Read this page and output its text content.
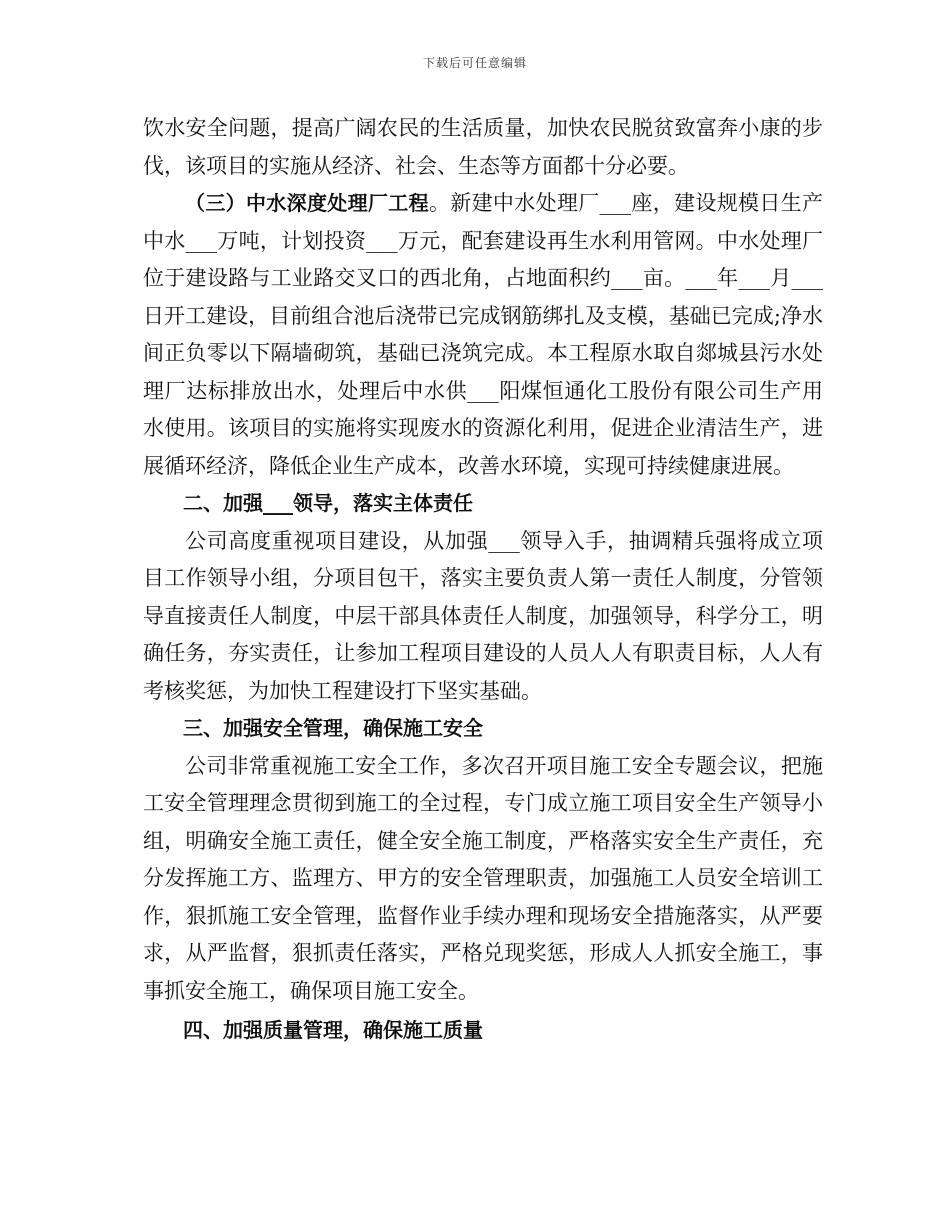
下载后可任意编辑

饮水安全问题，提高广阔农民的生活质量，加快农民脱贫致富奔小康的步伐，该项目的实施从经济、社会、生态等方面都十分必要。

（三）中水深度处理厂工程。新建中水处理厂___座，建设规模日生产中水___万吨，计划投资___万元，配套建设再生水利用管网。中水处理厂位于建设路与工业路交叉口的西北角，占地面积约___亩。___年___月___日开工建设，目前组合池后浇带已完成钢筋绑扎及支模，基础已完成;净水间正负零以下隔墙砌筑，基础已浇筑完成。本工程原水取自郯城县污水处理厂达标排放出水，处理后中水供___阳煤恒通化工股份有限公司生产用水使用。该项目的实施将实现废水的资源化利用，促进企业清洁生产，进展循环经济，降低企业生产成本，改善水环境，实现可持续健康进展。

二、加强___领导，落实主体责任

公司高度重视项目建设，从加强___领导入手，抽调精兵强将成立项目工作领导小组，分项目包干，落实主要负责人第一责任人制度，分管领导直接责任人制度，中层干部具体责任人制度，加强领导，科学分工，明确任务，夯实责任，让参加工程项目建设的人员人人有职责目标，人人有考核奖惩，为加快工程建设打下坚实基础。

三、加强安全管理，确保施工安全

公司非常重视施工安全工作，多次召开项目施工安全专题会议，把施工安全管理理念贯彻到施工的全过程，专门成立施工项目安全生产领导小组，明确安全施工责任，健全安全施工制度，严格落实安全生产责任，充分发挥施工方、监理方、甲方的安全管理职责，加强施工人员安全培训工作，狠抓施工安全管理，监督作业手续办理和现场安全措施落实，从严要求，从严监督，狠抓责任落实，严格兑现奖惩，形成人人抓安全施工，事事抓安全施工，确保项目施工安全。

四、加强质量管理，确保施工质量
